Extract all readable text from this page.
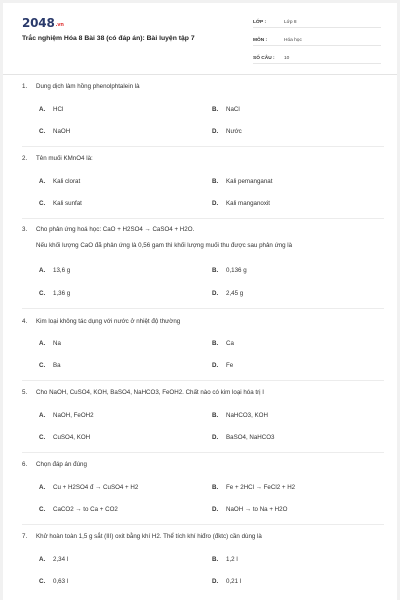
2048.vn
Trắc nghiệm Hóa 8 Bài 38 (có đáp án): Bài luyện tập 7
LỚP :	Lớp 8
MÔN :	Hóa học
SỐ CÂU :	10
1.	Dung dịch làm hồng phenolphtalein là
A.	HCl	B.	NaCl
C.	NaOH	D.	Nước
2.	Tên muối KMnO4 là:
A.	Kali clorat	B.	Kali pemanganat
C.	Kali sunfat	D.	Kali manganoxit
3.	Cho phản ứng hoá học: CaO + H2SO4 → CaSO4 + H2O.
Nếu khối lượng CaO đã phản ứng là 0,56 gam thì khối lượng muối thu được sau phản ứng là
A.	13,6 g	B.	0,136 g
C.	1,36 g	D.	2,45 g
4.	Kim loại không tác dụng với nước ở nhiệt độ thường
A.	Na	B.	Ca
C.	Ba	D.	Fe
5.	Cho NaOH, CuSO4, KOH, BaSO4, NaHCO3, FeOH2. Chất nào có kim loại hóa trị I
A.	NaOH, FeOH2	B.	NaHCO3, KOH
C.	CuSO4, KOH	D.	BaSO4, NaHCO3
6.	Chọn đáp án đúng
A.	Cu + H2SO4 đ → CuSO4 + H2	B.	Fe + 2HCl → FeCl2 + H2
C.	CaCO2 → to Ca + CO2	D.	NaOH → to Na + H2O
7.	Khử hoàn toàn 1,5 g sắt (III) oxit bằng khí H2. Thể tích khí hiđro (đktc) cần dùng là
A.	2,34 l	B.	1,2 l
C.	0,63 l	D.	0,21 l
